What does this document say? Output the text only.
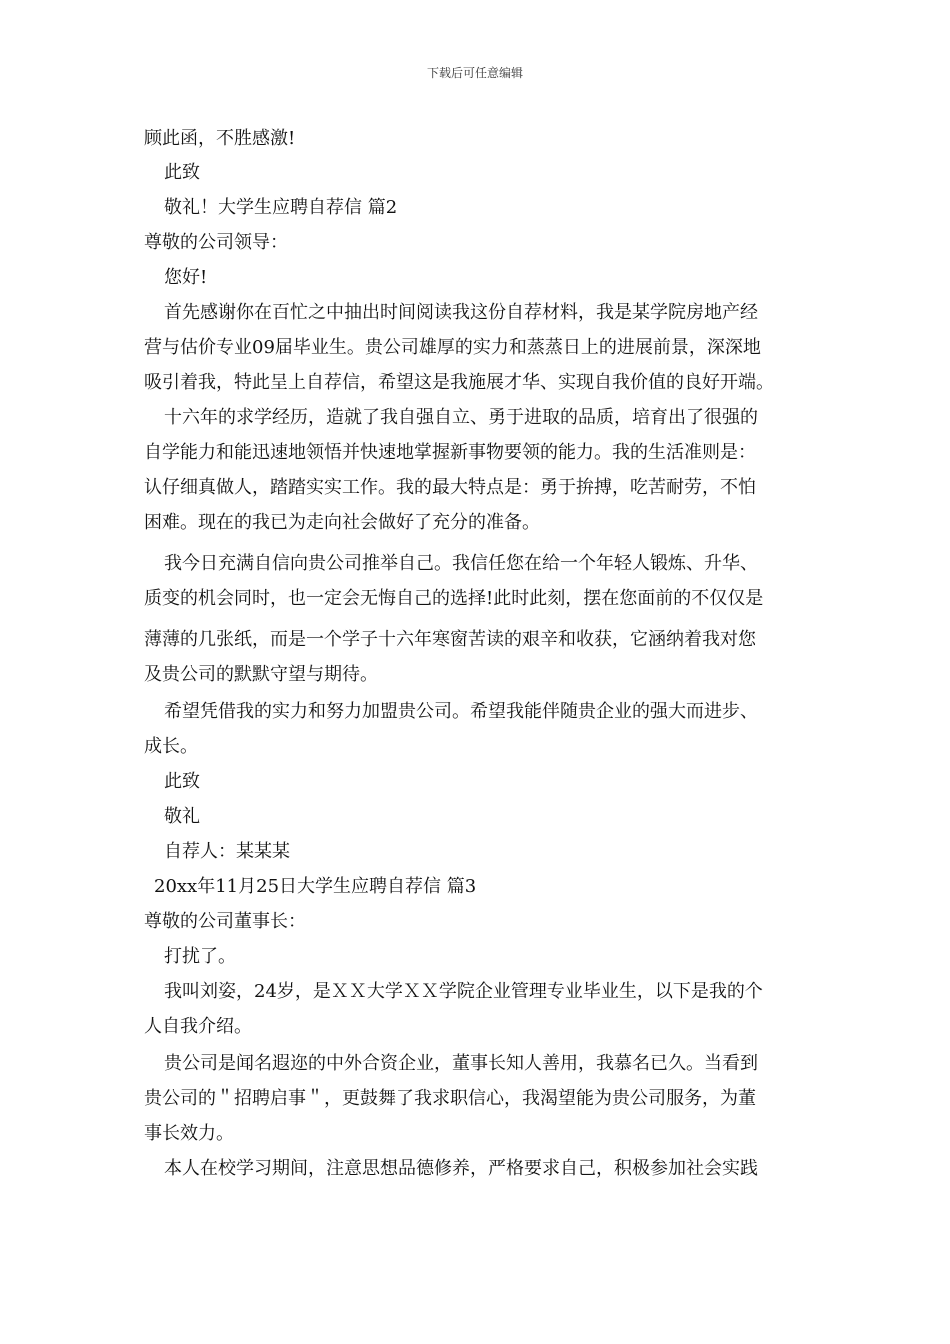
下载后可任意编辑
顾此函，不胜感激!
此致
敬礼！大学生应聘自荐信 篇2
尊敬的公司领导：
您好!
首先感谢你在百忙之中抽出时间阅读我这份自荐材料，我是某学院房地产经
营与估价专业09届毕业生。贵公司雄厚的实力和蒸蒸日上的进展前景，深深地
吸引着我，特此呈上自荐信，希望这是我施展才华、实现自我价值的良好开端。
十六年的求学经历，造就了我自强自立、勇于进取的品质，培育出了很强的
自学能力和能迅速地领悟并快速地掌握新事物要领的能力。我的生活准则是：
认仔细真做人，踏踏实实工作。我的最大特点是：勇于拚搏，吃苦耐劳，不怕
困难。现在的我已为走向社会做好了充分的准备。
我今日充满自信向贵公司推举自己。我信任您在给一个年轻人锻炼、升华、
质变的机会同时，也一定会无悔自己的选择!此时此刻，摆在您面前的不仅仅是
薄薄的几张纸，而是一个学子十六年寒窗苦读的艰辛和收获，它涵纳着我对您
及贵公司的默默守望与期待。
希望凭借我的实力和努力加盟贵公司。希望我能伴随贵企业的强大而进步、
成长。
此致
敬礼
自荐人：某某某
20xx年11月25日大学生应聘自荐信 篇3
尊敬的公司董事长：
打扰了。
我叫刘姿，24岁，是ＸＸ大学ＸＸ学院企业管理专业毕业生，以下是我的个
人自我介绍。
贵公司是闻名遐迩的中外合资企业，董事长知人善用，我慕名已久。当看到
贵公司的＂招聘启事＂，更鼓舞了我求职信心，我渴望能为贵公司服务，为董
事长效力。
本人在校学习期间，注意思想品德修养，严格要求自己，积极参加社会实践
